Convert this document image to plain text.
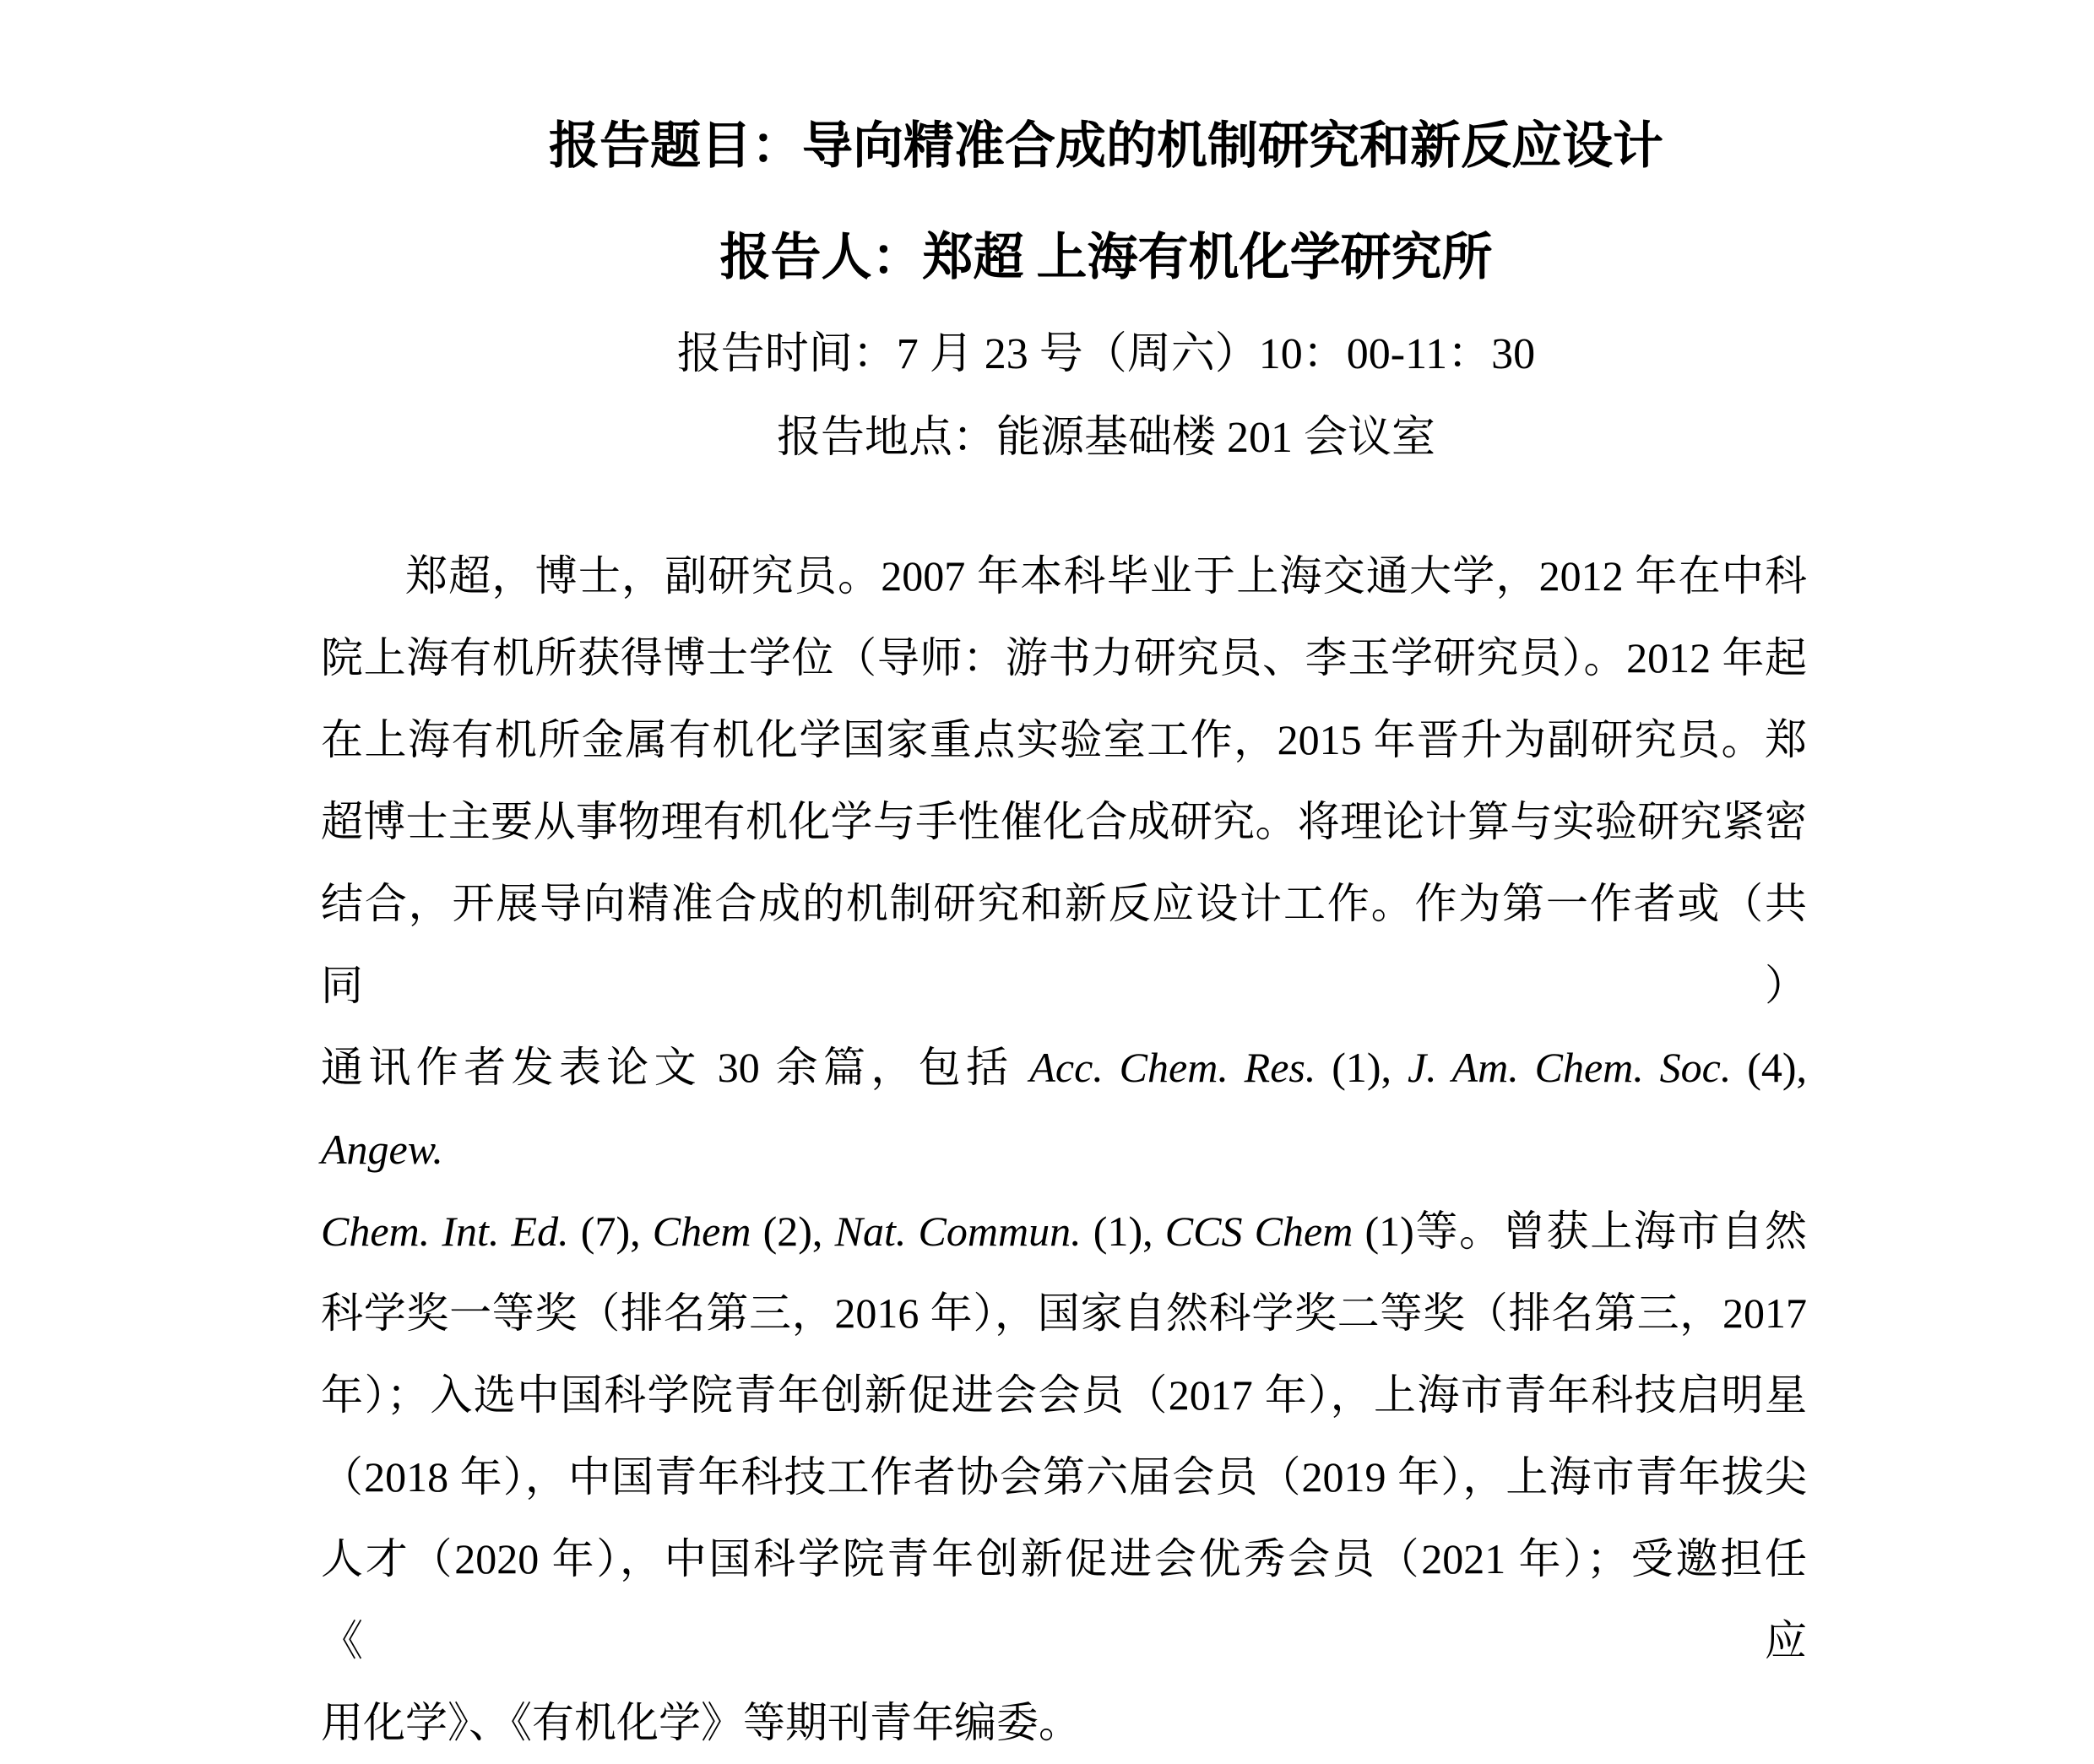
报告题目：导向精准合成的机制研究和新反应设计
报告人：郑超 上海有机化学研究所
报告时间：7 月 23 号（周六）10：00-11：30
报告地点：能源基础楼 201 会议室
郑超，博士，副研究员。2007 年本科毕业于上海交通大学，2012 年在中科
院上海有机所获得博士学位（导师：游书力研究员、李玉学研究员）。2012 年起
在上海有机所金属有机化学国家重点实验室工作，2015 年晋升为副研究员。郑
超博士主要从事物理有机化学与手性催化合成研究。将理论计算与实验研究紧密
结合，开展导向精准合成的机制研究和新反应设计工作。作为第一作者或（共同）
通讯作者发表论文 30 余篇，包括 Acc. Chem. Res. (1), J. Am. Chem. Soc. (4), Angew.
Chem. Int. Ed. (7), Chem (2), Nat. Commun. (1), CCS Chem (1)等。曾获上海市自然
科学奖一等奖（排名第三，2016 年），国家自然科学奖二等奖（排名第三，2017
年）；入选中国科学院青年创新促进会会员（2017 年），上海市青年科技启明星
（2018 年），中国青年科技工作者协会第六届会员（2019 年），上海市青年拔尖
人才（2020 年），中国科学院青年创新促进会优秀会员（2021 年）；受邀担任《应
用化学》、《有机化学》等期刊青年编委。
